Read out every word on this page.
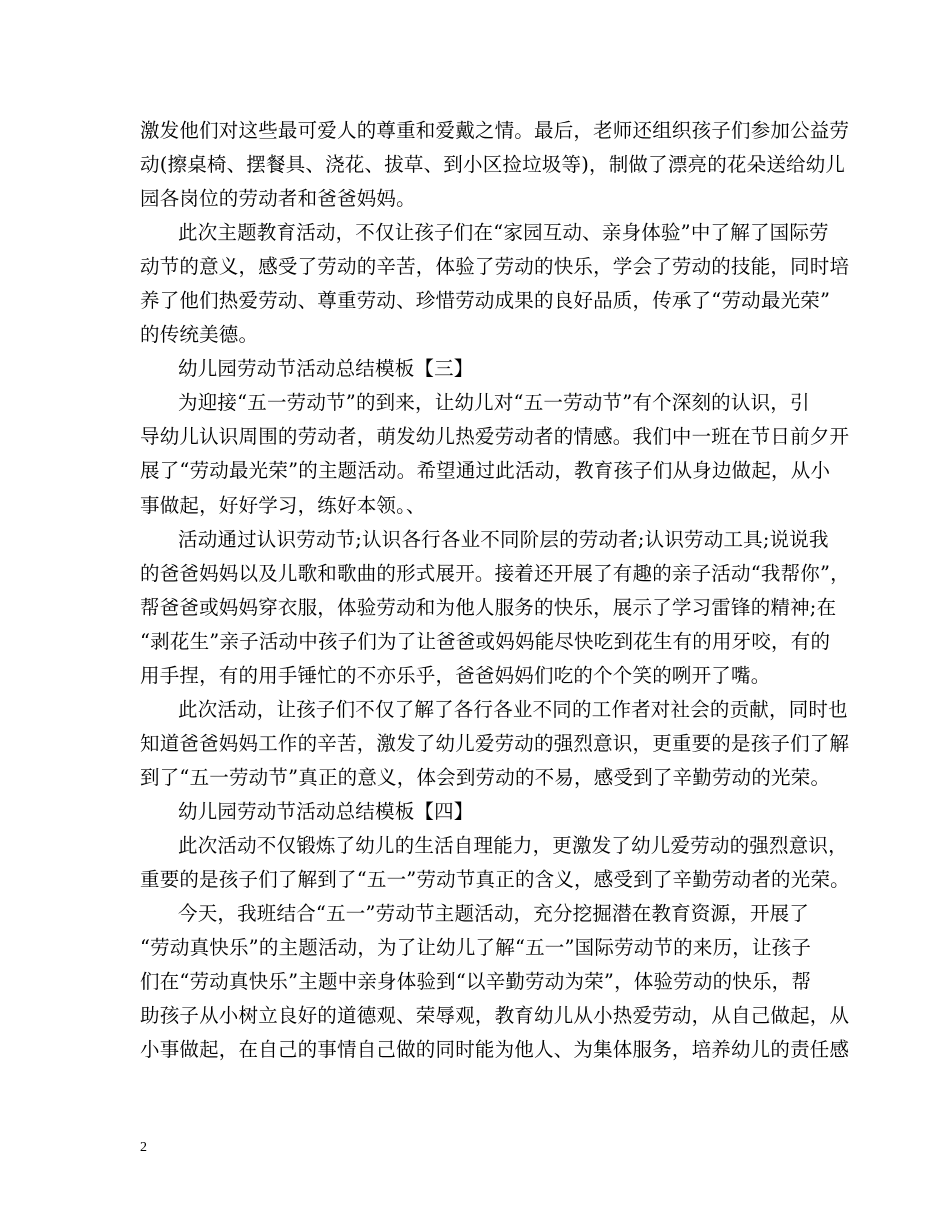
激发他们对这些最可爱人的尊重和爱戴之情。最后，老师还组织孩子们参加公益劳
动(擦桌椅、摆餐具、浇花、拔草、到小区捡垃圾等)，制做了漂亮的花朵送给幼儿
园各岗位的劳动者和爸爸妈妈。
此次主题教育活动，不仅让孩子们在“家园互动、亲身体验”中了解了国际劳
动节的意义，感受了劳动的辛苦，体验了劳动的快乐，学会了劳动的技能，同时培
养了他们热爱劳动、尊重劳动、珍惜劳动成果的良好品质，传承了“劳动最光荣”
的传统美德。
幼儿园劳动节活动总结模板【三】
为迎接“五一劳动节”的到来，让幼儿对“五一劳动节”有个深刻的认识，引
导幼儿认识周围的劳动者，萌发幼儿热爱劳动者的情感。我们中一班在节日前夕开
展了“劳动最光荣”的主题活动。希望通过此活动，教育孩子们从身边做起，从小
事做起，好好学习，练好本领。、
活动通过认识劳动节;认识各行各业不同阶层的劳动者;认识劳动工具;说说我
的爸爸妈妈以及儿歌和歌曲的形式展开。接着还开展了有趣的亲子活动“我帮你”，
帮爸爸或妈妈穿衣服，体验劳动和为他人服务的快乐，展示了学习雷锋的精神;在
“剥花生”亲子活动中孩子们为了让爸爸或妈妈能尽快吃到花生有的用牙咬，有的
用手捏，有的用手锤忙的不亦乐乎，爸爸妈妈们吃的个个笑的咧开了嘴。
此次活动，让孩子们不仅了解了各行各业不同的工作者对社会的贡献，同时也
知道爸爸妈妈工作的辛苦，激发了幼儿爱劳动的强烈意识，更重要的是孩子们了解
到了“五一劳动节”真正的意义，体会到劳动的不易，感受到了辛勤劳动的光荣。
幼儿园劳动节活动总结模板【四】
此次活动不仅锻炼了幼儿的生活自理能力，更激发了幼儿爱劳动的强烈意识，
重要的是孩子们了解到了“五一”劳动节真正的含义，感受到了辛勤劳动者的光荣。
今天，我班结合“五一”劳动节主题活动，充分挖掘潜在教育资源，开展了
“劳动真快乐”的主题活动，为了让幼儿了解“五一”国际劳动节的来历，让孩子
们在“劳动真快乐”主题中亲身体验到“以辛勤劳动为荣”，体验劳动的快乐，帮
助孩子从小树立良好的道德观、荣辱观，教育幼儿从小热爱劳动，从自己做起，从
小事做起，在自己的事情自己做的同时能为他人、为集体服务，培养幼儿的责任感
2
